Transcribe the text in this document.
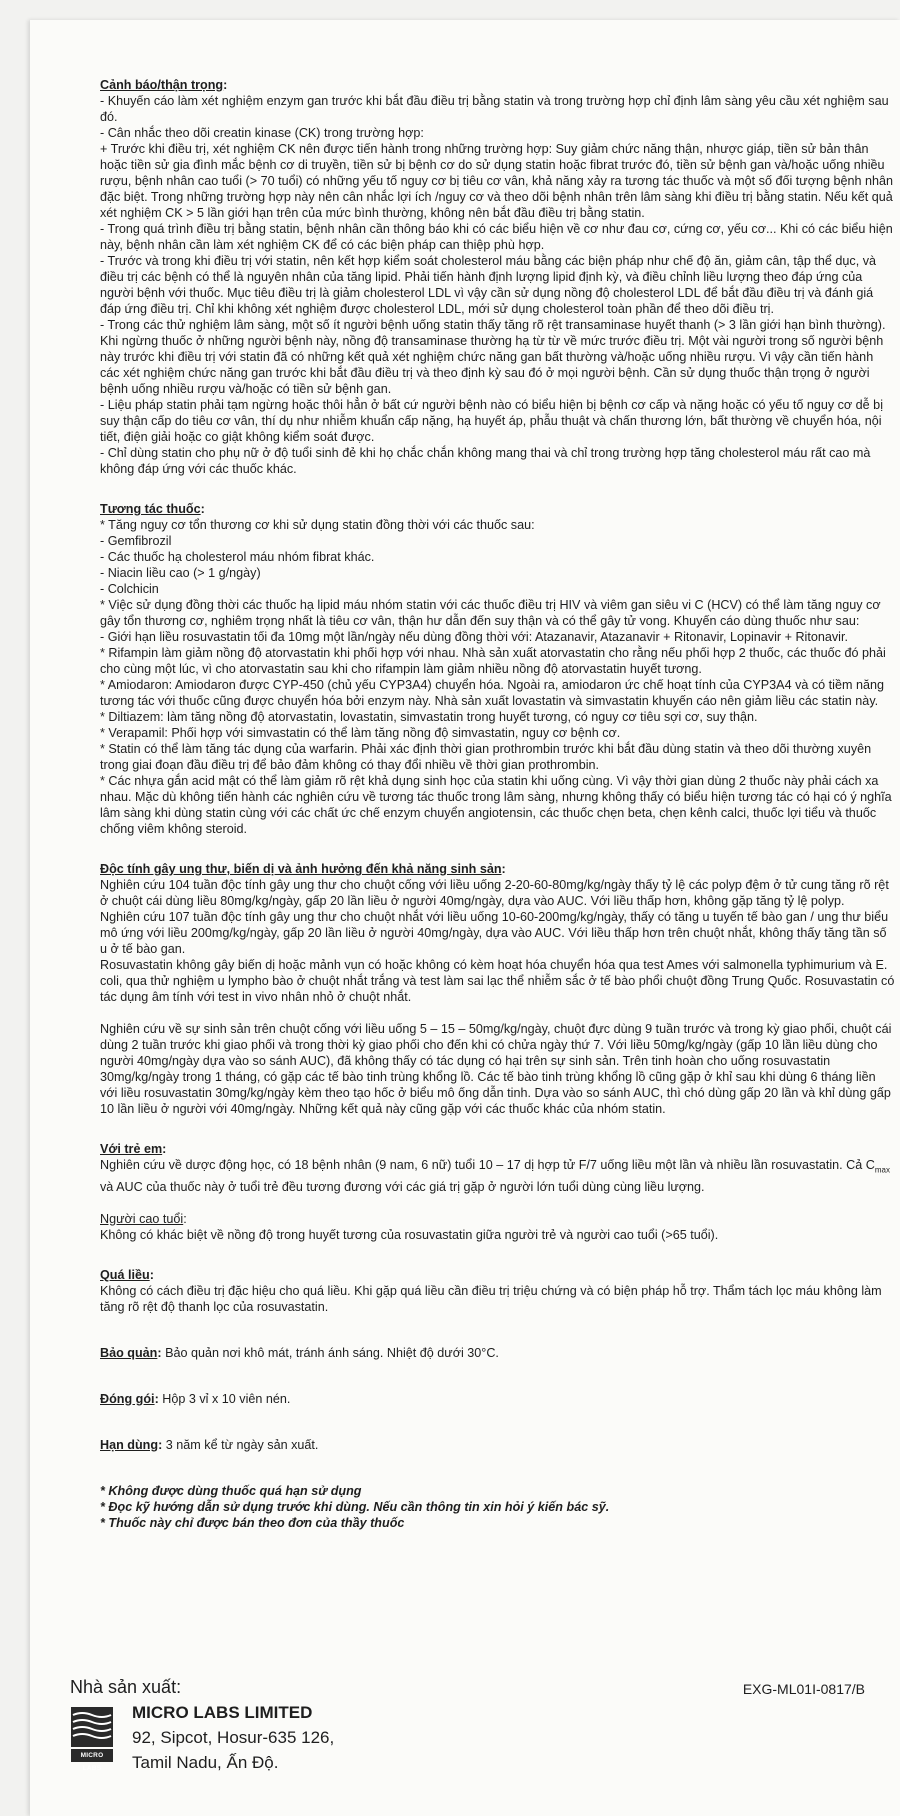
Cảnh báo/thận trọng:

- Khuyến cáo làm xét nghiệm enzym gan trước khi bắt đầu điều trị bằng statin và trong trường hợp chỉ định lâm sàng yêu cầu xét nghiệm sau đó.

- Cân nhắc theo dõi creatin kinase (CK) trong trường hợp:

+ Trước khi điều trị, xét nghiệm CK nên được tiến hành trong những trường hợp: Suy giảm chức năng thận, nhược giáp, tiền sử bản thân hoặc tiền sử gia đình mắc bệnh cơ di truyền, tiền sử bị bệnh cơ do sử dụng statin hoặc fibrat trước đó, tiền sử bệnh gan và/hoặc uống nhiều rượu, bệnh nhân cao tuổi (> 70 tuổi) có những yếu tố nguy cơ bị tiêu cơ vân, khả năng xảy ra tương tác thuốc và một số đối tượng bệnh nhân đặc biệt. Trong những trường hợp này nên cân nhắc lợi ích /nguy cơ và theo dõi bệnh nhân trên lâm sàng khi điều trị bằng statin. Nếu kết quả xét nghiệm CK > 5 lần giới hạn trên của mức bình thường, không nên bắt đầu điều trị bằng statin.

- Trong quá trình điều trị bằng statin, bệnh nhân cần thông báo khi có các biểu hiện về cơ như đau cơ, cứng cơ, yếu cơ... Khi có các biểu hiện này, bệnh nhân cần làm xét nghiệm CK để có các biện pháp can thiệp phù hợp.

- Trước và trong khi điều trị với statin, nên kết hợp kiểm soát cholesterol máu bằng các biện pháp như chế độ ăn, giảm cân, tập thể dục, và điều trị các bệnh có thể là nguyên nhân của tăng lipid. Phải tiến hành định lượng lipid định kỳ, và điều chỉnh liều lượng theo đáp ứng của người bệnh với thuốc. Mục tiêu điều trị là giảm cholesterol LDL vì vậy cần sử dụng nồng độ cholesterol LDL để bắt đầu điều trị và đánh giá đáp ứng điều trị. Chỉ khi không xét nghiệm được cholesterol LDL, mới sử dụng cholesterol toàn phần để theo dõi điều trị.

- Trong các thử nghiệm lâm sàng, một số ít người bệnh uống statin thấy tăng rõ rệt transaminase huyết thanh (> 3 lần giới hạn bình thường). Khi ngừng thuốc ở những người bệnh này, nồng độ transaminase thường hạ từ từ về mức trước điều trị. Một vài người trong số người bệnh này trước khi điều trị với statin đã có những kết quả xét nghiệm chức năng gan bất thường và/hoặc uống nhiều rượu. Vì vậy cần tiến hành các xét nghiệm chức năng gan trước khi bắt đầu điều trị và theo định kỳ sau đó ở mọi người bệnh. Cần sử dụng thuốc thận trọng ở người bệnh uống nhiều rượu và/hoặc có tiền sử bệnh gan.

- Liệu pháp statin phải tạm ngừng hoặc thôi hẳn ở bất cứ người bệnh nào có biểu hiện bị bệnh cơ cấp và nặng hoặc có yếu tố nguy cơ dễ bị suy thận cấp do tiêu cơ vân, thí dụ như nhiễm khuẩn cấp nặng, hạ huyết áp, phẫu thuật và chấn thương lớn, bất thường về chuyển hóa, nội tiết, điện giải hoặc co giật không kiểm soát được.

- Chỉ dùng statin cho phụ nữ ở độ tuổi sinh đẻ khi họ chắc chắn không mang thai và chỉ trong trường hợp tăng cholesterol máu rất cao mà không đáp ứng với các thuốc khác.

Tương tác thuốc:

* Tăng nguy cơ tổn thương cơ khi sử dụng statin đồng thời với các thuốc sau:

- Gemfibrozil

- Các thuốc hạ cholesterol máu nhóm fibrat khác.

- Niacin liều cao (> 1 g/ngày)

- Colchicin

* Việc sử dụng đồng thời các thuốc hạ lipid máu nhóm statin với các thuốc điều trị HIV và viêm gan siêu vi C (HCV) có thể làm tăng nguy cơ gây tổn thương cơ, nghiêm trọng nhất là tiêu cơ vân, thận hư dẫn đến suy thận và có thể gây tử vong. Khuyến cáo dùng thuốc như sau:

- Giới hạn liều rosuvastatin tối đa 10mg một lần/ngày nếu dùng đồng thời với: Atazanavir, Atazanavir + Ritonavir, Lopinavir + Ritonavir.

* Rifampin làm giảm nồng độ atorvastatin khi phối hợp với nhau. Nhà sản xuất atorvastatin cho rằng nếu phối hợp 2 thuốc, các thuốc đó phải cho cùng một lúc, vì cho atorvastatin sau khi cho rifampin làm giảm nhiều nồng độ atorvastatin huyết tương.

* Amiodaron: Amiodaron được CYP-450 (chủ yếu CYP3A4) chuyển hóa. Ngoài ra, amiodaron ức chế hoạt tính của CYP3A4 và có tiềm năng tương tác với thuốc cũng được chuyển hóa bởi enzym này. Nhà sản xuất lovastatin và simvastatin khuyến cáo nên giảm liều các statin này.

* Diltiazem: làm tăng nồng độ atorvastatin, lovastatin, simvastatin trong huyết tương, có nguy cơ tiêu sợi cơ, suy thận.

* Verapamil: Phối hợp với simvastatin có thể làm tăng nồng độ simvastatin, nguy cơ bệnh cơ.

* Statin có thể làm tăng tác dụng của warfarin. Phải xác định thời gian prothrombin trước khi bắt đầu dùng statin và theo dõi thường xuyên trong giai đoạn đầu điều trị để bảo đảm không có thay đổi nhiều về thời gian prothrombin.

* Các nhựa gắn acid mật có thể làm giảm rõ rệt khả dụng sinh học của statin khi uống cùng. Vì vậy thời gian dùng 2 thuốc này phải cách xa nhau. Mặc dù không tiến hành các nghiên cứu về tương tác thuốc trong lâm sàng, nhưng không thấy có biểu hiện tương tác có hại có ý nghĩa lâm sàng khi dùng statin cùng với các chất ức chế enzym chuyển angiotensin, các thuốc chẹn beta, chẹn kênh calci, thuốc lợi tiểu và thuốc chống viêm không steroid.

Độc tính gây ung thư, biến dị và ảnh hưởng đến khả năng sinh sản:

Nghiên cứu 104 tuần độc tính gây ung thư cho chuột cống với liều uống 2-20-60-80mg/kg/ngày thấy tỷ lệ các polyp đệm ở tử cung tăng rõ rệt ở chuột cái dùng liều 80mg/kg/ngày, gấp 20 lần liều ở người 40mg/ngày, dựa vào AUC. Với liều thấp hơn, không gặp tăng tỷ lệ polyp.

Nghiên cứu 107 tuần độc tính gây ung thư cho chuột nhắt với liều uống 10-60-200mg/kg/ngày, thấy có tăng u tuyến tế bào gan / ung thư biểu mô ứng với liều 200mg/kg/ngày, gấp 20 lần liều ở người 40mg/ngày, dựa vào AUC. Với liều thấp hơn trên chuột nhắt, không thấy tăng tần số u ở tế bào gan.

Rosuvastatin không gây biến dị hoặc mảnh vụn có hoặc không có kèm hoạt hóa chuyển hóa qua test Ames với salmonella typhimurium và E. coli, qua thử nghiệm u lympho bào ở chuột nhắt trắng và test làm sai lạc thể nhiễm sắc ở tế bào phổi chuột đồng Trung Quốc. Rosuvastatin có tác dụng âm tính với test in vivo nhân nhỏ ở chuột nhắt.

Nghiên cứu về sự sinh sản trên chuột cống với liều uống 5 – 15 – 50mg/kg/ngày, chuột đực dùng 9 tuần trước và trong kỳ giao phối, chuột cái dùng 2 tuần trước khi giao phối và trong thời kỳ giao phối cho đến khi có chửa ngày thứ 7. Với liều 50mg/kg/ngày (gấp 10 lần liều dùng cho người 40mg/ngày dựa vào so sánh AUC), đã không thấy có tác dụng có hại trên sự sinh sản. Trên tinh hoàn cho uống rosuvastatin 30mg/kg/ngày trong 1 tháng, có gặp các tế bào tinh trùng khổng lồ. Các tế bào tinh trùng khổng lồ cũng gặp ở khỉ sau khi dùng 6 tháng liền với liều rosuvastatin 30mg/kg/ngày kèm theo tạo hốc ở biểu mô ống dẫn tinh. Dựa vào so sánh AUC, thì chó dùng gấp 20 lần và khỉ dùng gấp 10 lần liều ở người với 40mg/ngày. Những kết quả này cũng gặp với các thuốc khác của nhóm statin.

Với trẻ em:

Nghiên cứu về dược động học, có 18 bệnh nhân (9 nam, 6 nữ) tuổi 10 – 17 dị hợp tử F/7 uống liều một lần và nhiều lần rosuvastatin. Cả $C_{max}$ và AUC của thuốc này ở tuổi trẻ đều tương đương với các giá trị gặp ở người lớn tuổi dùng cùng liều lượng.

Người cao tuổi:

Không có khác biệt về nồng độ trong huyết tương của rosuvastatin giữa người trẻ và người cao tuổi (>65 tuổi).

Quá liều:

Không có cách điều trị đặc hiệu cho quá liều. Khi gặp quá liều cần điều trị triệu chứng và có biện pháp hỗ trợ. Thẩm tách lọc máu không làm tăng rõ rệt độ thanh lọc của rosuvastatin.

Bảo quản: Bảo quản nơi khô mát, tránh ánh sáng. Nhiệt độ dưới 30°C.

Đóng gói: Hộp 3 vỉ x 10 viên nén.

Hạn dùng: 3 năm kể từ ngày sản xuất.

* Không được dùng thuốc quá hạn sử dụng

* Đọc kỹ hướng dẫn sử dụng trước khi dùng. Nếu cần thông tin xin hỏi ý kiến bác sỹ.

* Thuốc này chỉ được bán theo đơn của thầy thuốc

Nhà sản xuất:	EXG-ML01I-0817/B
MICRO LABS
MICRO LABS LIMITED
92, Sipcot, Hosur-635 126,
Tamil Nadu, Ấn Độ.
